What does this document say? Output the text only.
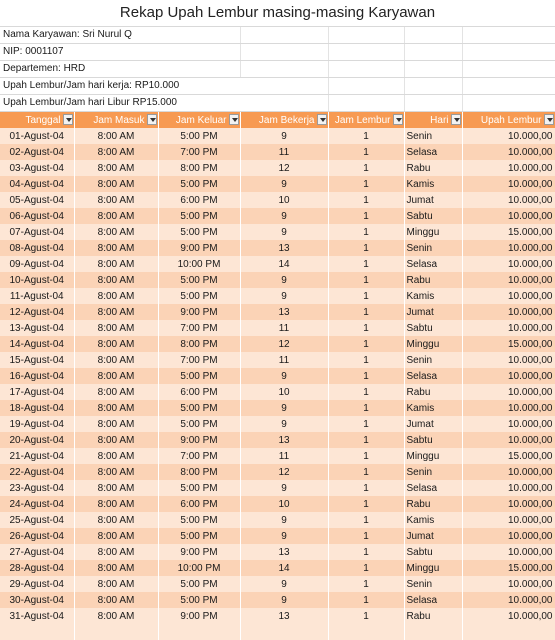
Rekap Upah Lembur masing-masing Karyawan
Nama Karyawan: Sri Nurul Q
NIP: 0001107
Departemen: HRD
Upah Lembur/Jam hari kerja: RP10.000
Upah Lembur/Jam hari Libur RP15.000
Tanggal	Jam Masuk	Jam Keluar	Jam Bekerja	Jam Lembur	Hari	Upah Lembur

01-Agust-04	8:00 AM	5:00 PM	9	1	Senin	10.000,00
02-Agust-04	8:00 AM	7:00 PM	11	1	Selasa	10.000,00
03-Agust-04	8:00 AM	8:00 PM	12	1	Rabu	10.000,00
04-Agust-04	8:00 AM	5:00 PM	9	1	Kamis	10.000,00
05-Agust-04	8:00 AM	6:00 PM	10	1	Jumat	10.000,00
06-Agust-04	8:00 AM	5:00 PM	9	1	Sabtu	10.000,00
07-Agust-04	8:00 AM	5:00 PM	9	1	Minggu	15.000,00
08-Agust-04	8:00 AM	9:00 PM	13	1	Senin	10.000,00
09-Agust-04	8:00 AM	10:00 PM	14	1	Selasa	10.000,00
10-Agust-04	8:00 AM	5:00 PM	9	1	Rabu	10.000,00
11-Agust-04	8:00 AM	5:00 PM	9	1	Kamis	10.000,00
12-Agust-04	8:00 AM	9:00 PM	13	1	Jumat	10.000,00
13-Agust-04	8:00 AM	7:00 PM	11	1	Sabtu	10.000,00
14-Agust-04	8:00 AM	8:00 PM	12	1	Minggu	15.000,00
15-Agust-04	8:00 AM	7:00 PM	11	1	Senin	10.000,00
16-Agust-04	8:00 AM	5:00 PM	9	1	Selasa	10.000,00
17-Agust-04	8:00 AM	6:00 PM	10	1	Rabu	10.000,00
18-Agust-04	8:00 AM	5:00 PM	9	1	Kamis	10.000,00
19-Agust-04	8:00 AM	5:00 PM	9	1	Jumat	10.000,00
20-Agust-04	8:00 AM	9:00 PM	13	1	Sabtu	10.000,00
21-Agust-04	8:00 AM	7:00 PM	11	1	Minggu	15.000,00
22-Agust-04	8:00 AM	8:00 PM	12	1	Senin	10.000,00
23-Agust-04	8:00 AM	5:00 PM	9	1	Selasa	10.000,00
24-Agust-04	8:00 AM	6:00 PM	10	1	Rabu	10.000,00
25-Agust-04	8:00 AM	5:00 PM	9	1	Kamis	10.000,00
26-Agust-04	8:00 AM	5:00 PM	9	1	Jumat	10.000,00
27-Agust-04	8:00 AM	9:00 PM	13	1	Sabtu	10.000,00
28-Agust-04	8:00 AM	10:00 PM	14	1	Minggu	15.000,00
29-Agust-04	8:00 AM	5:00 PM	9	1	Senin	10.000,00
30-Agust-04	8:00 AM	5:00 PM	9	1	Selasa	10.000,00
31-Agust-04	8:00 AM	9:00 PM	13	1	Rabu	10.000,00
